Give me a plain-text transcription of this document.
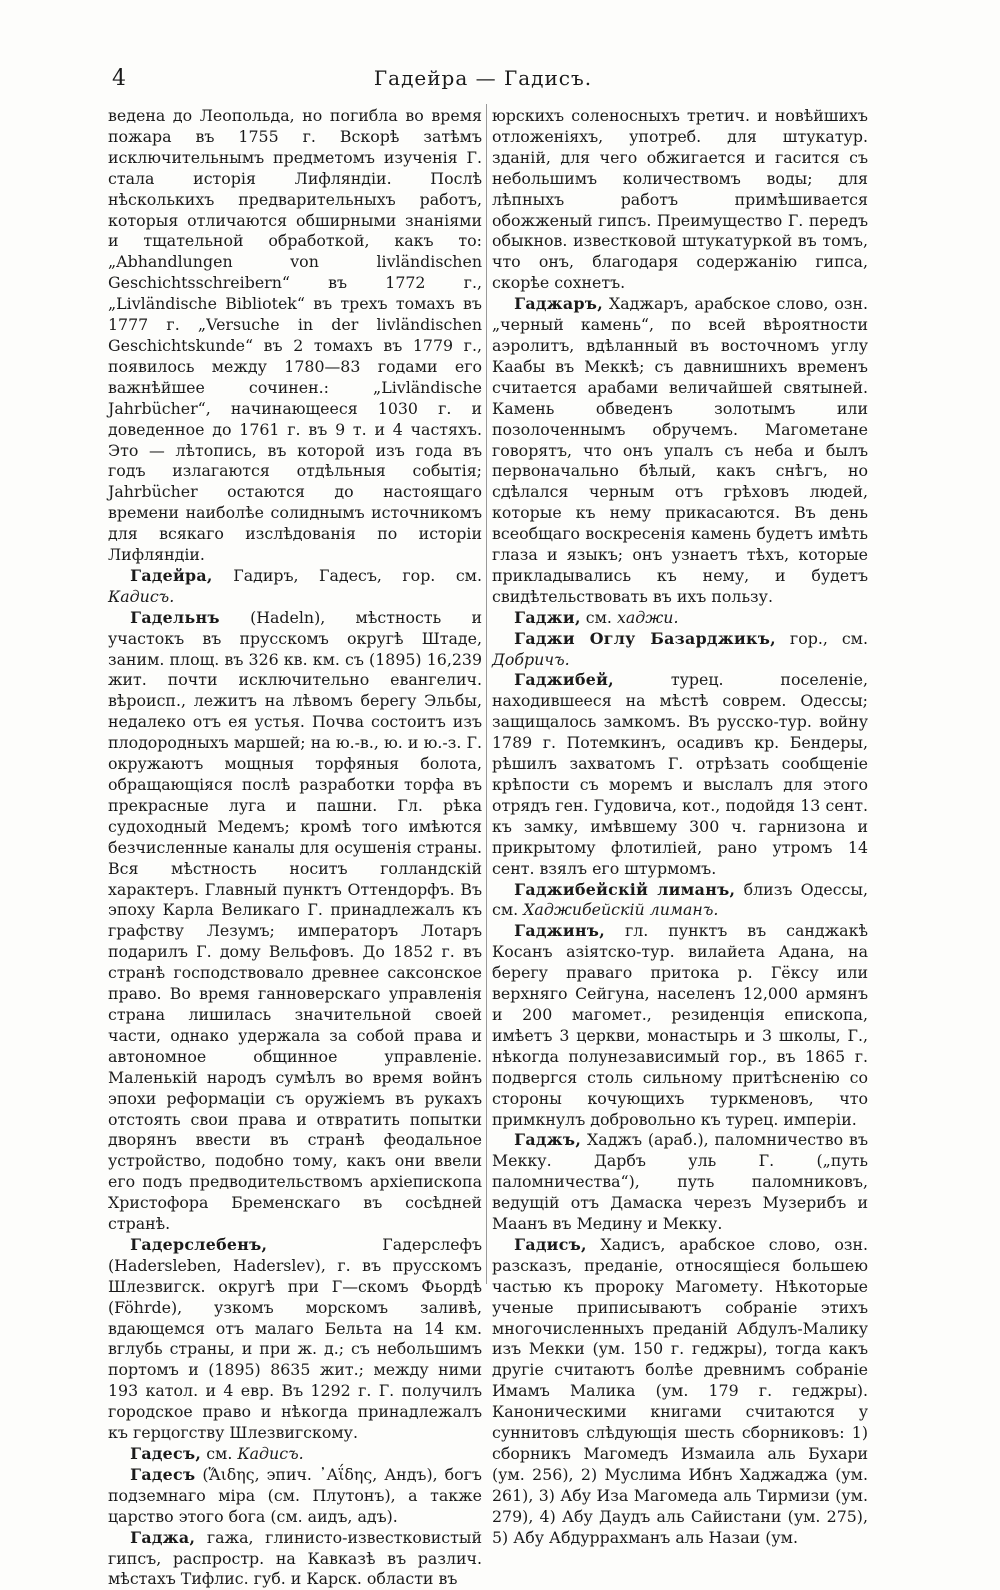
4	Гадейра — Гадисъ.

ведена до Леопольда, но погибла во время пожара въ 1755 г. Вскорѣ затѣмъ исключительнымъ предметомъ изученія Г. стала исторія Лифляндіи. Послѣ нѣсколькихъ предварительныхъ работъ, которыя отличаются обширными знаніями и тщательной обработкой, какъ то: „Abhandlungen von livländischen Geschichtsschreibern“ въ 1772 г., „Livländische Bibliotek“ въ трехъ томахъ въ 1777 г. „Versuche in der livländischen Geschichtskunde“ въ 2 томахъ въ 1779 г., появилось между 1780—83 годами его важнѣйшее сочинен.: „Livländische Jahrbücher“, начинающееся 1030 г. и доведенное до 1761 г. въ 9 т. и 4 частяхъ. Это — лѣтопись, въ которой изъ года въ годъ излагаются отдѣльныя событія; Jahrbücher остаются до настоящаго времени наиболѣе солиднымъ источникомъ для всякаго изслѣдованія по исторіи Лифляндіи.

Гадейра, Гадиръ, Гадесъ, гор. см. Кадисъ.

Гадельнъ (Hadeln), мѣстность и участокъ въ прусскомъ округѣ Штаде, заним. площ. въ 326 кв. км. съ (1895) 16,239 жит. почти исключительно евангелич. вѣроисп., лежитъ на лѣвомъ берегу Эльбы, недалеко отъ ея устья. Почва состоитъ изъ плодородныхъ маршей; на ю.-в., ю. и ю.-з. Г. окружаютъ мощныя торфяныя болота, обращающіяся послѣ разработки торфа въ прекрасные луга и пашни. Гл. рѣка судоходный Медемъ; кромѣ того имѣются безчисленные каналы для осушенія страны. Вся мѣстность носитъ голландскій характеръ. Главный пунктъ Оттендорфъ. Въ эпоху Карла Великаго Г. принадлежалъ къ графству Лезумъ; императоръ Лотаръ подарилъ Г. дому Вельфовъ. До 1852 г. въ странѣ господствовало древнее саксонское право. Во время ганноверскаго управленія страна лишилась значительной своей части, однако удержала за собой права и автономное общинное управленіе. Маленькій народъ сумѣлъ во время войнъ эпохи реформаціи съ оружіемъ въ рукахъ отстоять свои права и отвратить попытки дворянъ ввести въ странѣ феодальное устройство, подобно тому, какъ они ввели его подъ предводительствомъ архіепископа Христофора Бременскаго въ сосѣдней странѣ.

Гадерслебенъ,	Гадерслефъ (Hadersleben, Haderslev), г. въ прусскомъ Шлезвигск. округѣ при Г—скомъ Фьордѣ (Föhrde), узкомъ морскомъ заливѣ, вдающемся отъ малаго Бельта на 14 км. вглубь страны, и при ж. д.; съ небольшимъ портомъ и (1895) 8635 жит.; между ними 193 катол. и 4 евр. Въ 1292 г. Г. получилъ городское право и нѣкогда принадлежалъ къ герцогству Шлезвигскому.

Гадесъ, см. Кадисъ.

Гадесъ (Ἅιδης, эпич. ᾿Αΐδης, Андъ), богъ подземнаго міра (см. Плутонъ), а также царство этого бога (см. аидъ, адъ).

Гаджа, гажа, глинисто-известковистый гипсъ, распростр. на Кавказѣ въ различ. мѣстахъ Тифлис. губ. и Карск. области въ

юрскихъ соленосныхъ третич. и новѣйшихъ отложеніяхъ, употреб. для штукатур. зданій, для чего обжигается и гасится съ небольшимъ количествомъ воды; для лѣпныхъ работъ примѣшивается обожженый гипсъ. Преимущество Г. передъ обыкнов. известковой штукатуркой въ томъ, что онъ, благодаря содержанію гипса, скорѣе сохнетъ.

Гаджаръ, Хаджаръ, арабское слово, озн. „черный камень“, по всей вѣроятности аэролитъ, вдѣланный въ восточномъ углу Каабы въ Меккѣ; съ давнишнихъ временъ считается арабами величайшей святыней. Камень обведенъ золотымъ или позолоченнымъ обручемъ. Магометане говорятъ, что онъ упалъ съ неба и былъ первоначально бѣлый, какъ снѣгъ, но сдѣлался черным отъ грѣховъ людей, которые къ нему прикасаются. Въ день всеобщаго воскресенія камень будетъ имѣть глаза и языкъ; онъ узнаетъ тѣхъ, которые прикладывались къ нему, и будетъ свидѣтельствовать въ ихъ пользу.

Гаджи, см. хаджи.

Гаджи Оглу Базарджикъ, гор., см. Добричъ.

Гаджибей,	турец. поселеніе, находившееся на мѣстѣ соврем. Одессы; защищалось замкомъ. Въ русско-тур. войну 1789 г. Потемкинъ, осадивъ кр. Бендеры, рѣшилъ захватомъ Г. отрѣзать сообщеніе крѣпости съ моремъ и выслалъ для этого отрядъ ген. Гудовича, кот., подойдя 13 сент. къ замку, имѣвшему 300 ч. гарнизона и прикрытому флотиліей, рано утромъ 14 сент. взялъ его штурмомъ.

Гаджибейскій лиманъ, близъ Одессы, см. Хаджибейскій лиманъ.

Гаджинъ, гл. пунктъ въ санджакѣ Косанъ азіятско-тур. вилайета Адана, на берегу праваго притока р. Гёксу или верхняго Сейгуна, населенъ 12,000 армянъ и 200 магомет., резиденція епископа, имѣетъ 3 церкви, монастырь и 3 школы, Г., нѣкогда полунезависимый гор., въ 1865 г. подвергся столь сильному притѣсненію со стороны кочующихъ туркменовъ, что примкнулъ добровольно къ турец. имперіи.

Гаджъ, Хаджъ (араб.), паломничество въ Мекку. Дарбъ уль Г. („путь паломничества“), путь паломниковъ, ведущій отъ Дамаска черезъ Музерибъ и Маанъ въ Медину и Мекку.

Гадисъ, Хадисъ, арабское слово, озн. разсказъ, преданіе, относящіеся большею частью къ пророку Магомету. Нѣкоторые ученые приписываютъ собраніе этихъ многочисленныхъ преданій Абдулъ-Малику изъ Мекки (ум. 150 г. геджры), тогда какъ другіе считаютъ болѣе древнимъ собраніе Имамъ Малика (ум. 179 г. геджры). Каноническими книгами считаются у суннитовъ слѣдующія шесть сборниковъ: 1) сборникъ Магомедъ Измаила аль Бухари (ум. 256), 2) Муслима Ибнъ Хаджаджа (ум. 261), 3) Абу Иза Магомеда аль Тирмизи (ум. 279), 4) Абу Даудъ аль Сайистани (ум. 275), 5) Абу Абдуррахманъ аль Назаи (ум.
